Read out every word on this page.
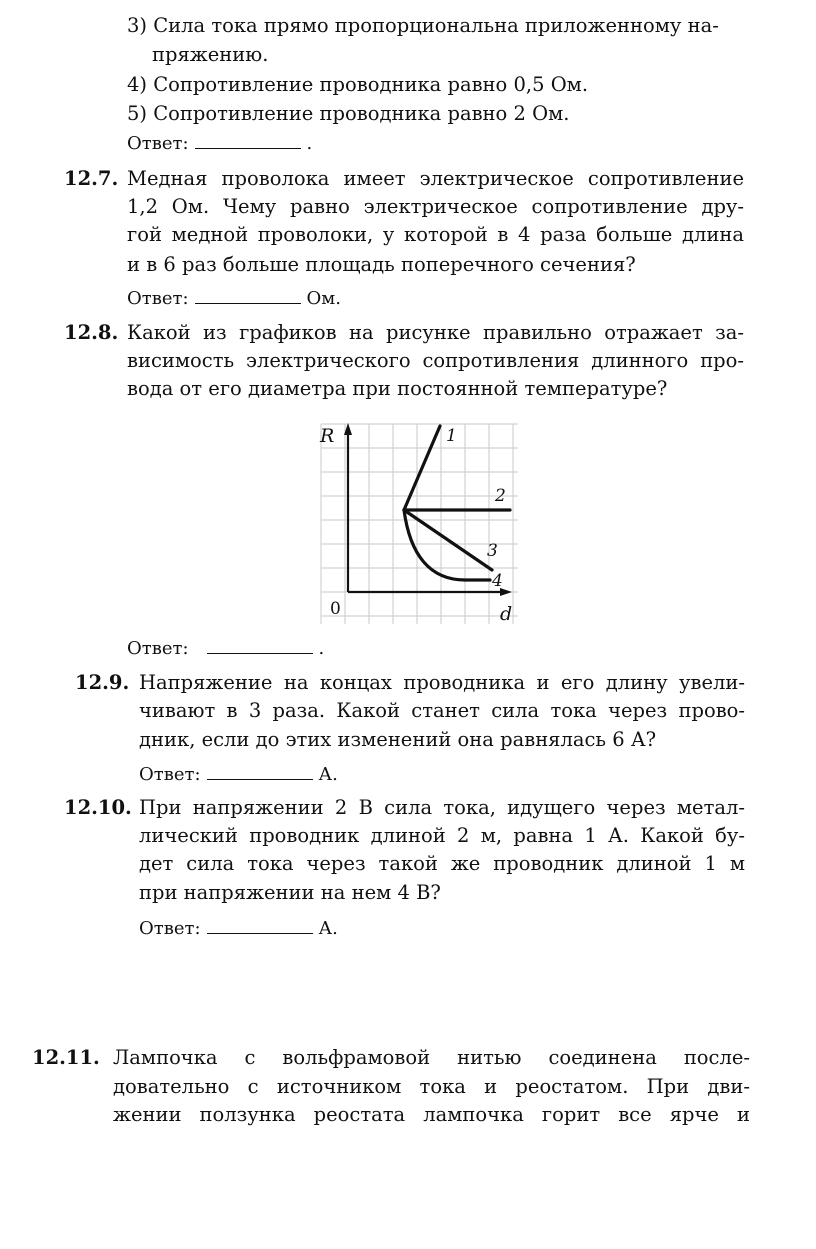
3) Сила тока прямо пропорциональна приложенному на-
пряжению.
4) Сопротивление проводника равно 0,5 Ом.
5) Сопротивление проводника равно 2 Ом.
Ответ:	.
12.7. Медная проволока имеет электрическое сопротивление
1,2 Ом. Чему равно электрическое сопротивление дру-
гой медной проволоки, у которой в 4 раза больше длина
и в 6 раз больше площадь поперечного сечения?
Ответ:	Ом.
12.8. Какой из графиков на рисунке правильно отражает за-
висимость электрического сопротивления длинного про-
вода от его диаметра при постоянной температуре?
R
d
0
1
2
3
4
Ответ:	.
12.9. Напряжение на концах проводника и его длину увели-
чивают в 3 раза. Какой станет сила тока через прово-
дник, если до этих изменений она равнялась 6 А?
Ответ:	А.
12.10. При напряжении 2 В сила тока, идущего через метал-
лический проводник длиной 2 м, равна 1 А. Какой бу-
дет сила тока через такой же проводник длиной 1 м
при напряжении на нем 4 В?
Ответ:	А.
12.11. Лампочка с вольфрамовой нитью соединена после-
довательно с источником тока и реостатом. При дви-
жении ползунка реостата лампочка горит все ярче и
